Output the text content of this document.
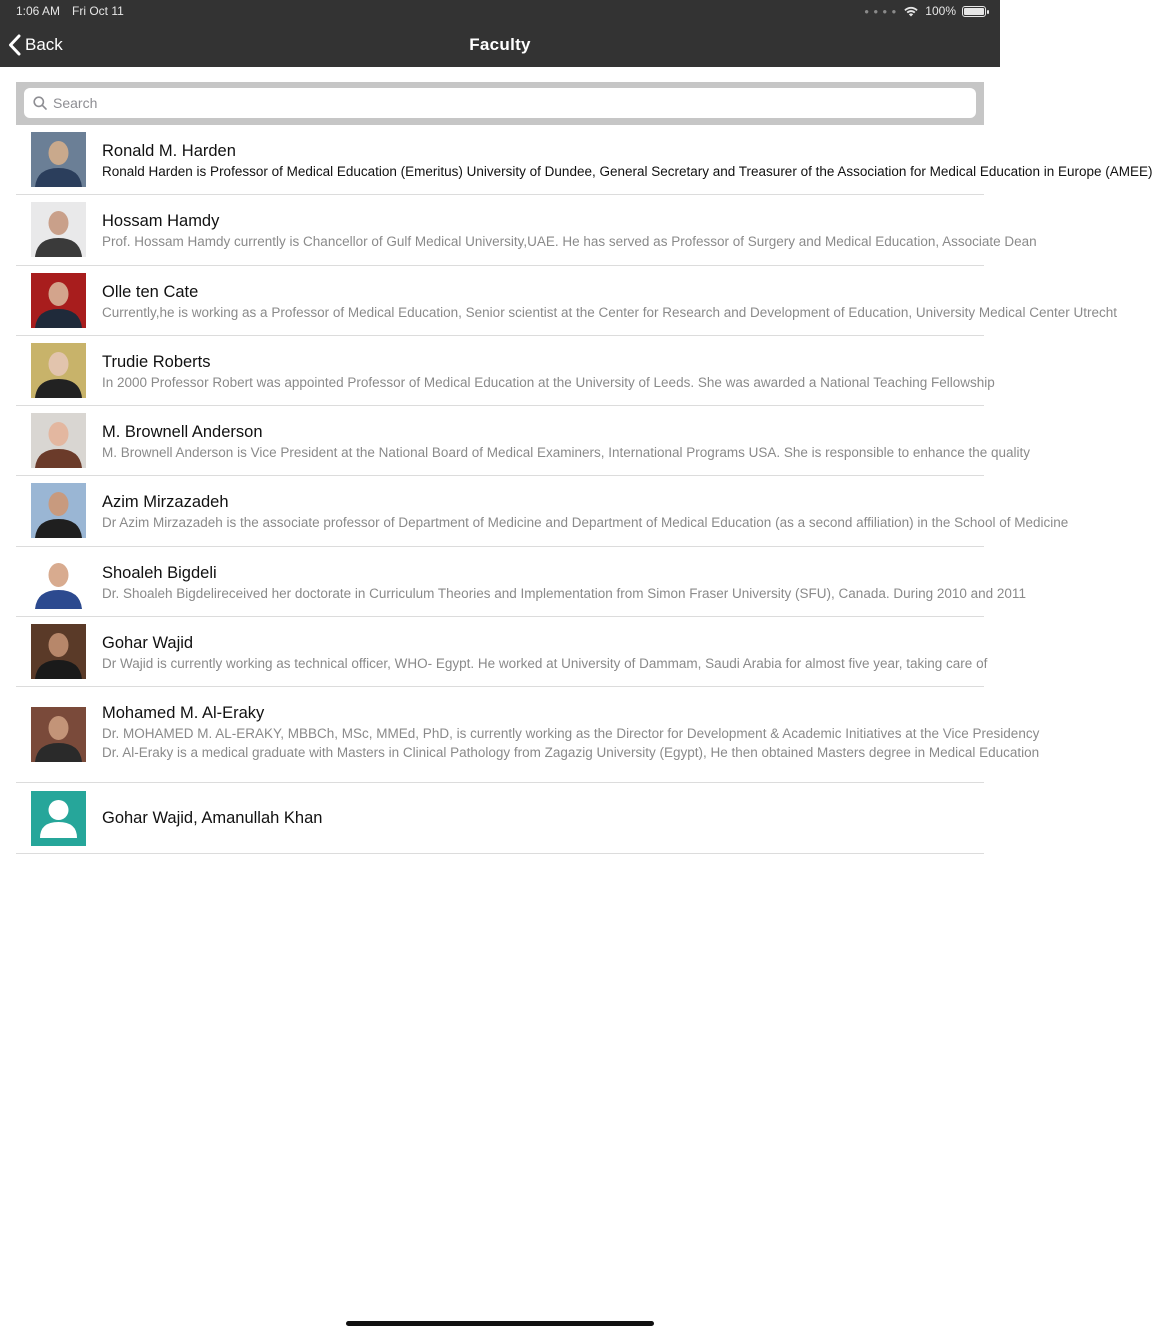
1:06 AM Fri Oct 11	● ● ● ● 100%
Back	Faculty
Search
Ronald M. Harden
Ronald Harden is Professor of Medical Education (Emeritus) University of Dundee, General Secretary and Treasurer of the Association for Medical Education in Europe (AMEE)
Hossam Hamdy
Prof. Hossam Hamdy currently is Chancellor of Gulf Medical University,UAE. He has served as Professor of Surgery and Medical Education, Associate Dean
Olle ten Cate
Currently,he is working as a Professor of Medical Education, Senior scientist at the Center for Research and Development of Education, University Medical Center Utrecht
Trudie Roberts
In 2000 Professor Robert was appointed Professor of Medical Education at the University of Leeds. She was awarded a National Teaching Fellowship
M. Brownell Anderson
M. Brownell Anderson is Vice President at the National Board of Medical Examiners, International Programs USA. She is responsible to enhance the quality
Azim Mirzazadeh
Dr Azim Mirzazadeh is the associate professor of Department of Medicine and Department of Medical Education (as a second affiliation) in the School of Medicine
Shoaleh Bigdeli
Dr. Shoaleh Bigdelireceived her doctorate in Curriculum Theories and Implementation from Simon Fraser University (SFU), Canada. During 2010 and 2011
Gohar Wajid
Dr Wajid is currently working as technical officer, WHO- Egypt. He worked at University of Dammam, Saudi Arabia for almost five year, taking care of
Mohamed M. Al-Eraky
Dr. MOHAMED M. AL-ERAKY, MBBCh, MSc, MMEd, PhD, is currently working as the Director for Development & Academic Initiatives at the Vice Presidency
Dr. Al-Eraky is a medical graduate with Masters in Clinical Pathology from Zagazig University (Egypt), He then obtained Masters degree in Medical Education
Gohar Wajid, Amanullah Khan
